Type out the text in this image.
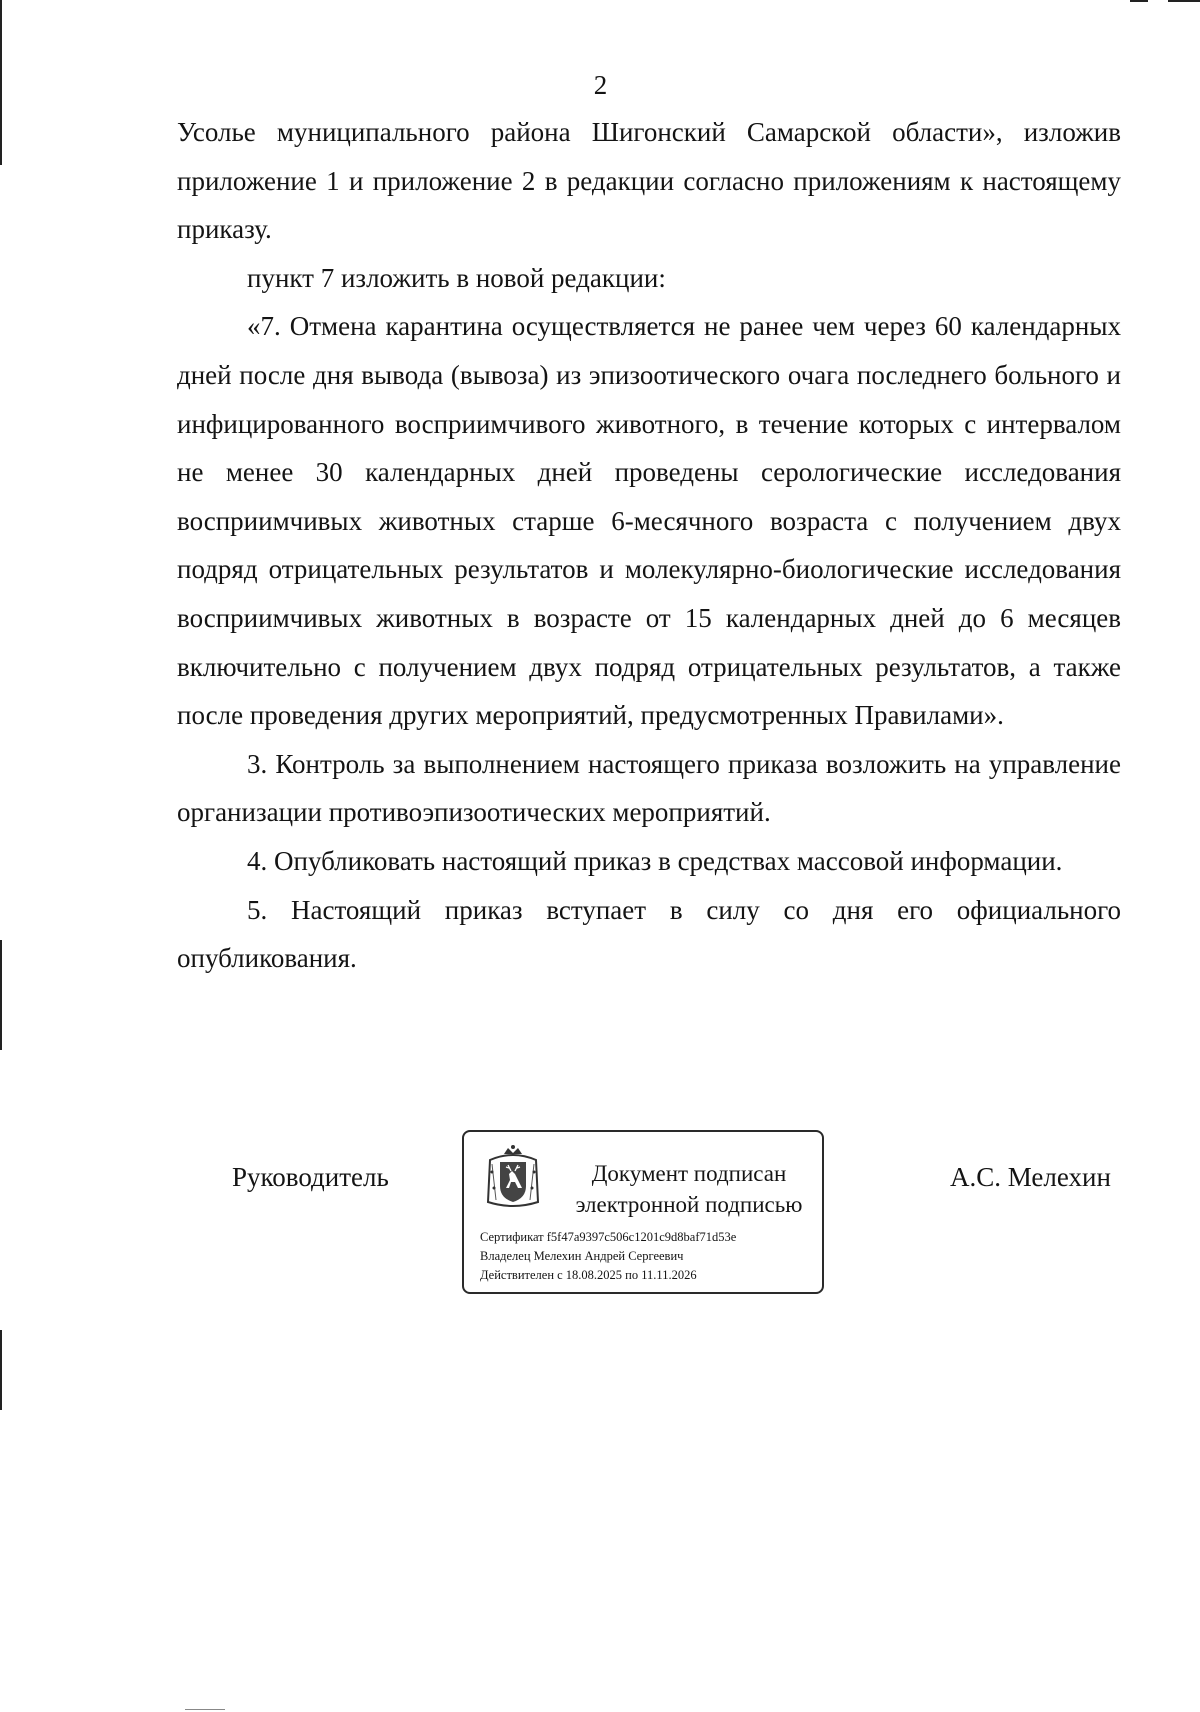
2

Усолье муниципального района Шигонский Самарской области», изложив приложение 1 и приложение 2 в редакции согласно приложениям к настоящему приказу.

пункт 7 изложить в новой редакции:

«7. Отмена карантина осуществляется не ранее чем через 60 календарных дней после дня вывода (вывоза) из эпизоотического очага последнего больного и инфицированного восприимчивого животного, в течение которых с интервалом не менее 30 календарных дней проведены серологические исследования восприимчивых животных старше 6-месячного возраста с получением двух подряд отрицательных результатов и молекулярно-биологические исследования восприимчивых животных в возрасте от 15 календарных дней до 6 месяцев включительно с получением двух подряд отрицательных результатов, а также после проведения других мероприятий, предусмотренных Правилами».

3. Контроль за выполнением настоящего приказа возложить на управление организации противоэпизоотических мероприятий.

4. Опубликовать настоящий приказ в средствах массовой информации.

5. Настоящий приказ вступает в силу со дня его официального опубликования.

Руководитель	Документ подписан
электронной подписью
Сертификат f5f47a9397c506c1201c9d8baf71d53e
Владелец Мелехин Андрей Сергеевич
Действителен с 18.08.2025 по 11.11.2026
А.С. Мелехин
